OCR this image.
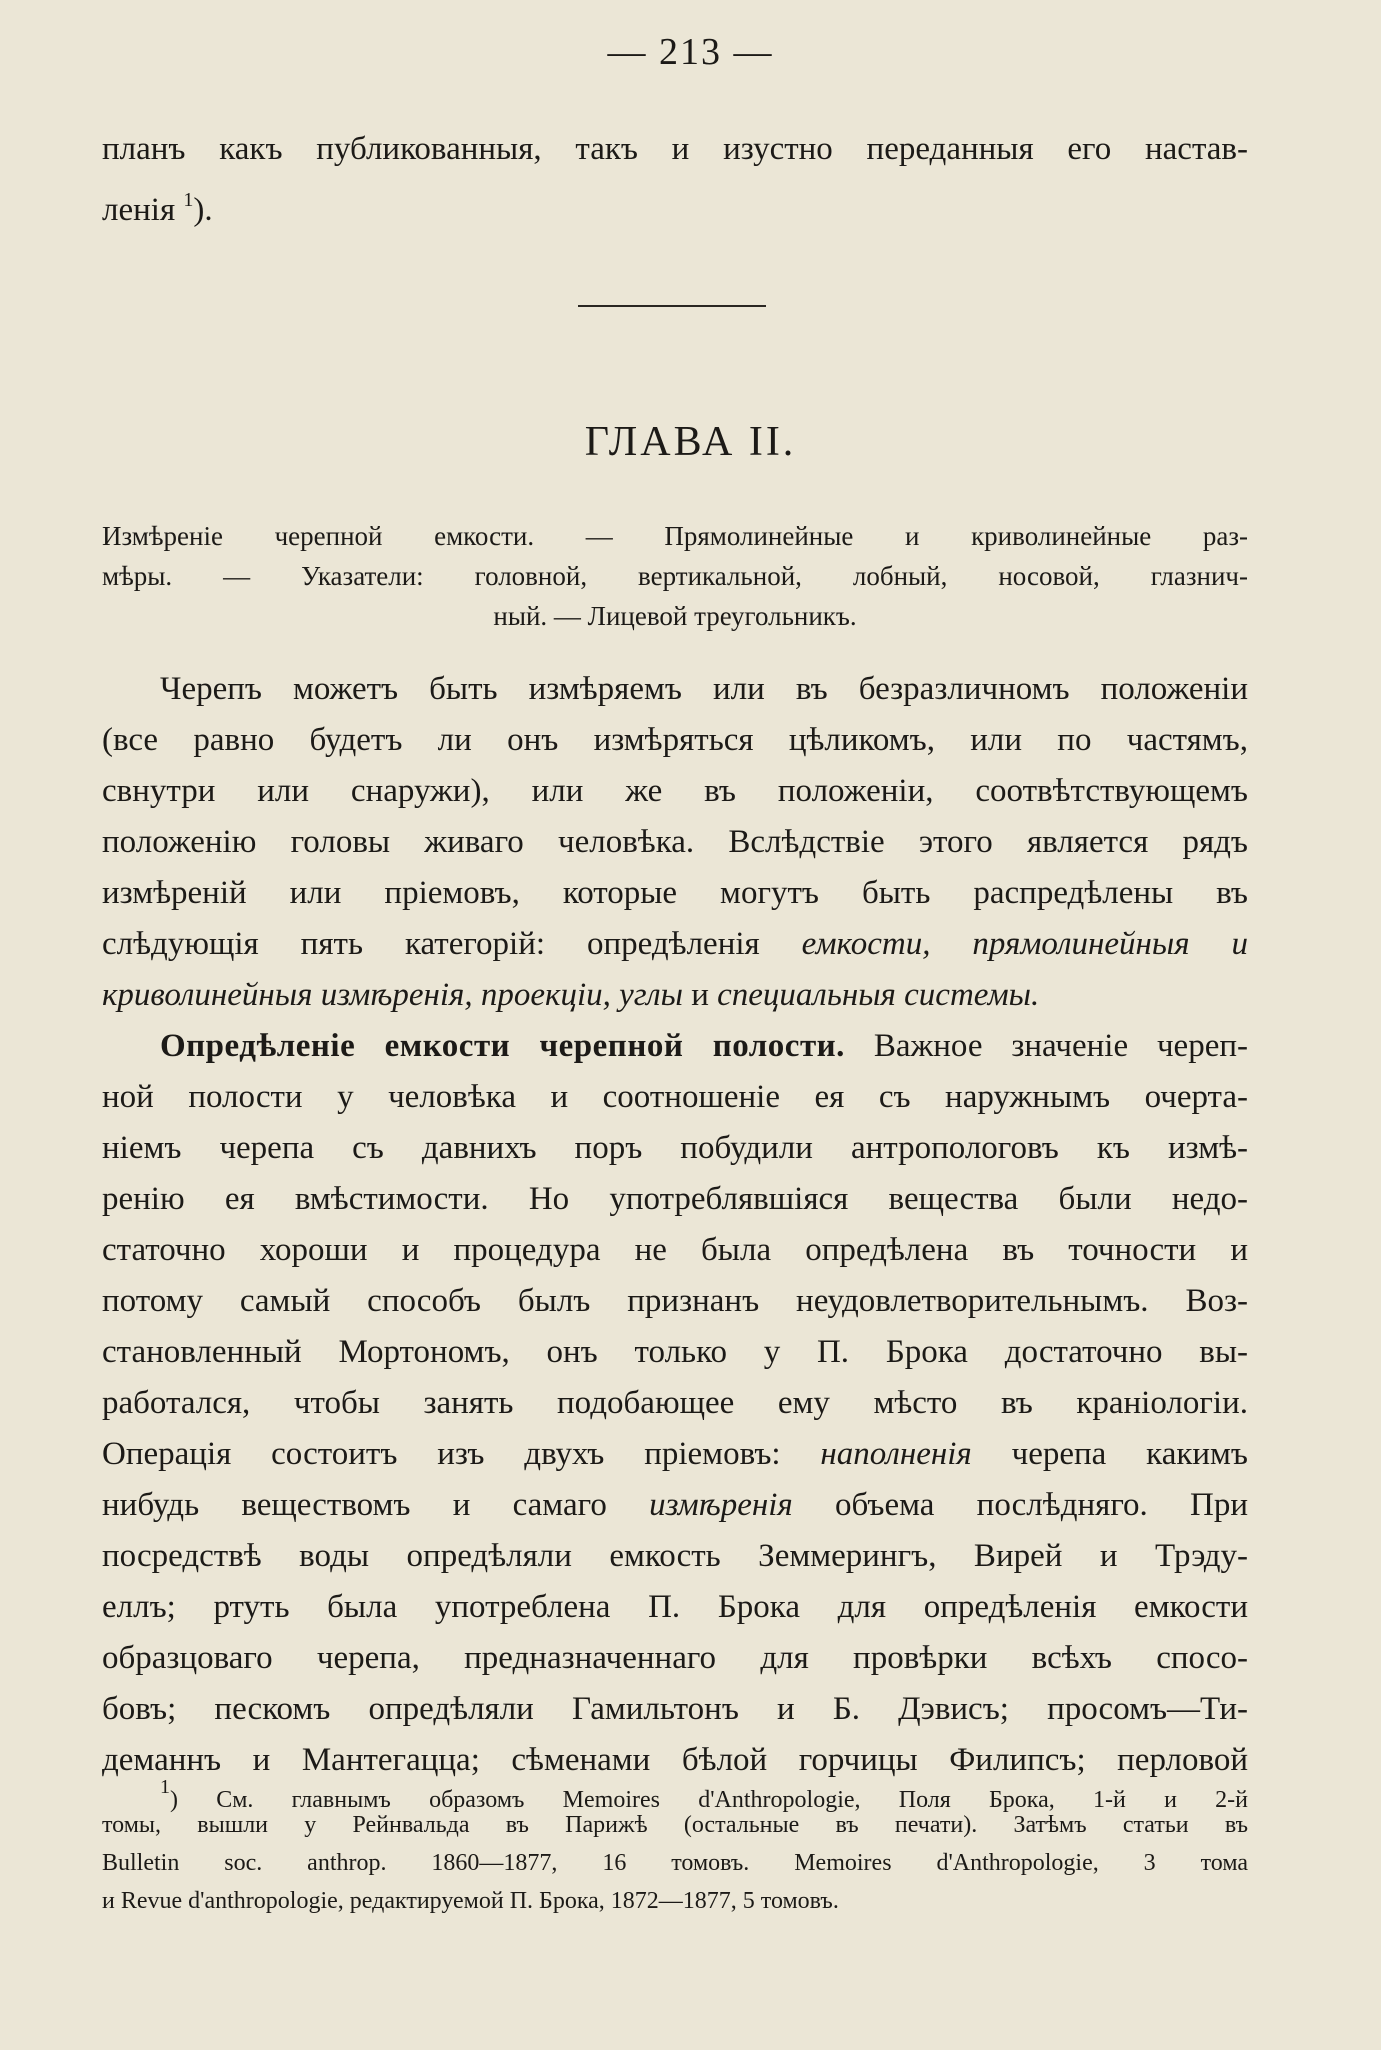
— 213 —
планъ какъ публикованныя, такъ и изустно переданныя его настав-
ленія $^1$).
ГЛАВА II.
Измѣреніе черепной емкости. — Прямолинейные и криволинейные раз-
мѣры. — Указатели: головной, вертикальной, лобный, носовой, глазнич-
ный. — Лицевой треугольникъ.
Черепъ можетъ быть измѣряемъ или въ безразличномъ положеніи
(все равно будетъ ли онъ измѣряться цѣликомъ, или по частямъ,
свнутри или снаружи), или же въ положеніи, соотвѣтствующемъ
положенію головы живаго человѣка. Вслѣдствіе этого является рядъ
измѣреній или пріемовъ, которые могутъ быть распредѣлены въ
слѣдующія пять категорій: опредѣленія емкости, прямолинейныя и
криволинейныя измѣренія, проекціи, углы и специальныя системы.
Опредѣленіе емкости черепной полости. Важное значеніе череп-
ной полости у человѣка и соотношеніе ея съ наружнымъ очерта-
ніемъ черепа съ давнихъ поръ побудили антропологовъ къ измѣ-
ренію ея вмѣстимости. Но употреблявшіяся вещества были недо-
статочно хороши и процедура не была опредѣлена въ точности и
потому самый способъ былъ признанъ неудовлетворительнымъ. Воз-
становленный Мортономъ, онъ только у П. Брока достаточно вы-
работался, чтобы занять подобающее ему мѣсто въ краніологіи.
Операція состоитъ изъ двухъ пріемовъ: наполненія черепа какимъ
нибудь веществомъ и самаго измѣренія объема послѣдняго. При
посредствѣ воды опредѣляли емкость Земмерингъ, Вирей и Трэду-
еллъ; ртуть была употреблена П. Брока для опредѣленія емкости
образцоваго черепа, предназначеннаго для провѣрки всѣхъ спосо-
бовъ; пескомъ опредѣляли Гамильтонъ и Б. Дэвисъ; просомъ—Ти-
деманнъ и Мантегацца; сѣменами бѣлой горчицы Филипсъ; перловой
$^1$) См. главнымъ образомъ Memoires d'Anthropologie, Поля Брока, 1-й и 2-й
томы, вышли у Рейнвальда въ Парижѣ (остальные въ печати). Затѣмъ статьи въ
Bulletin soc. anthrop. 1860—1877, 16 томовъ. Memoires d'Anthropologie, 3 тома
и Revue d'anthropologie, редактируемой П. Брока, 1872—1877, 5 томовъ.
